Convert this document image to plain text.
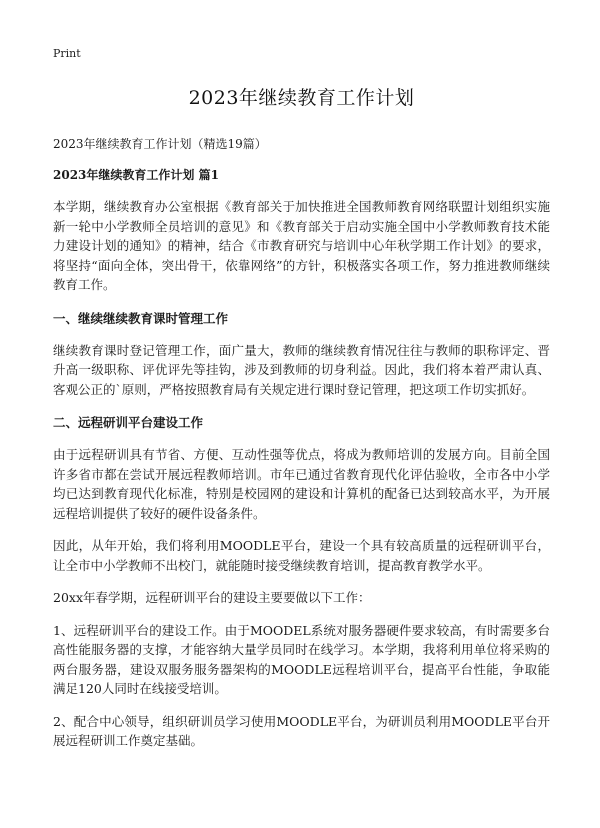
Print
2023年继续教育工作计划
2023年继续教育工作计划（精选19篇）
2023年继续教育工作计划 篇1

本学期，继续教育办公室根据《教育部关于加快推进全国教师教育网络联盟计划组织实施新一轮中小学教师全员培训的意见》和《教育部关于启动实施全国中小学教师教育技术能力建设计划的通知》的精神，结合《市教育研究与培训中心年秋学期工作计划》的要求，将坚持“面向全体，突出骨干，依靠网络”的方针，积极落实各项工作，努力推进教师继续教育工作。

一、继续继续教育课时管理工作

继续教育课时登记管理工作，面广量大，教师的继续教育情况往往与教师的职称评定、晋升高一级职称、评优评先等挂钩，涉及到教师的切身利益。因此，我们将本着严肃认真、客观公正的`原则，严格按照教育局有关规定进行课时登记管理，把这项工作切实抓好。

二、远程研训平台建设工作

由于远程研训具有节省、方便、互动性强等优点，将成为教师培训的发展方向。目前全国许多省市都在尝试开展远程教师培训。市年已通过省教育现代化评估验收，全市各中小学均已达到教育现代化标准，特别是校园网的建设和计算机的配备已达到较高水平，为开展远程培训提供了较好的硬件设备条件。

因此，从年开始，我们将利用MOODLE平台，建设一个具有较高质量的远程研训平台，让全市中小学教师不出校门，就能随时接受继续教育培训，提高教育教学水平。

20xx年春学期，远程研训平台的建设主要要做以下工作：

1、远程研训平台的建设工作。由于MOODEL系统对服务器硬件要求较高，有时需要多台高性能服务器的支撑，才能容纳大量学员同时在线学习。本学期，我将利用单位将采购的两台服务器，建设双服务服务器架构的MOODLE远程培训平台，提高平台性能，争取能满足120人同时在线接受培训。

2、配合中心领导，组织研训员学习使用MOODLE平台，为研训员利用MOODLE平台开展远程研训工作奠定基础。
